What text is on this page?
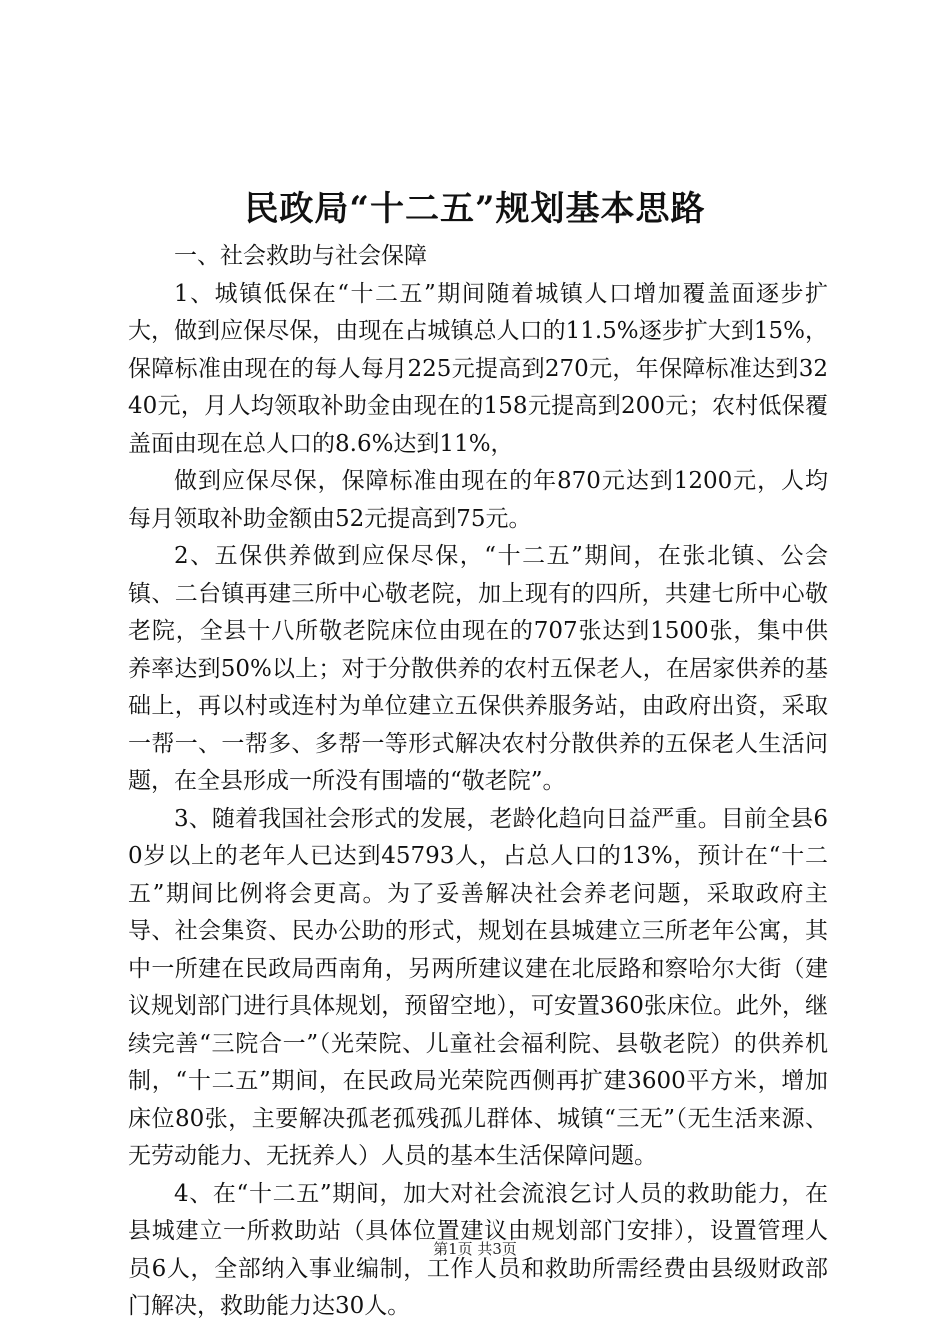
民政局“十二五”规划基本思路

一、社会救助与社会保障

1、城镇低保在“十二五”期间随着城镇人口增加覆盖面逐步扩大，做到应保尽保，由现在占城镇总人口的11.5%逐步扩大到15%，保障标准由现在的每人每月225元提高到270元，年保障标准达到3240元，月人均领取补助金由现在的158元提高到200元；农村低保覆盖面由现在总人口的8.6%达到11%，

做到应保尽保，保障标准由现在的年870元达到1200元，人均每月领取补助金额由52元提高到75元。

2、五保供养做到应保尽保，“十二五”期间，在张北镇、公会镇、二台镇再建三所中心敬老院，加上现有的四所，共建七所中心敬老院，全县十八所敬老院床位由现在的707张达到1500张，集中供养率达到50%以上；对于分散供养的农村五保老人，在居家供养的基础上，再以村或连村为单位建立五保供养服务站，由政府出资，采取一帮一、一帮多、多帮一等形式解决农村分散供养的五保老人生活问题，在全县形成一所没有围墙的“敬老院”。

3、随着我国社会形式的发展，老龄化趋向日益严重。目前全县60岁以上的老年人已达到45793人，占总人口的13%，预计在“十二五”期间比例将会更高。为了妥善解决社会养老问题，采取政府主导、社会集资、民办公助的形式，规划在县城建立三所老年公寓，其中一所建在民政局西南角，另两所建议建在北辰路和察哈尔大街（建议规划部门进行具体规划，预留空地），可安置360张床位。此外，继续完善“三院合一”（光荣院、儿童社会福利院、县敬老院）的供养机制，“十二五”期间，在民政局光荣院西侧再扩建3600平方米，增加床位80张，主要解决孤老孤残孤儿群体、城镇“三无”（无生活来源、无劳动能力、无抚养人）人员的基本生活保障问题。

4、在“十二五”期间，加大对社会流浪乞讨人员的救助能力，在县城建立一所救助站（具体位置建议由规划部门安排），设置管理人员6人，全部纳入事业编制，工作人员和救助所需经费由县级财政部门解决，救助能力达30人。

第1页 共3页
